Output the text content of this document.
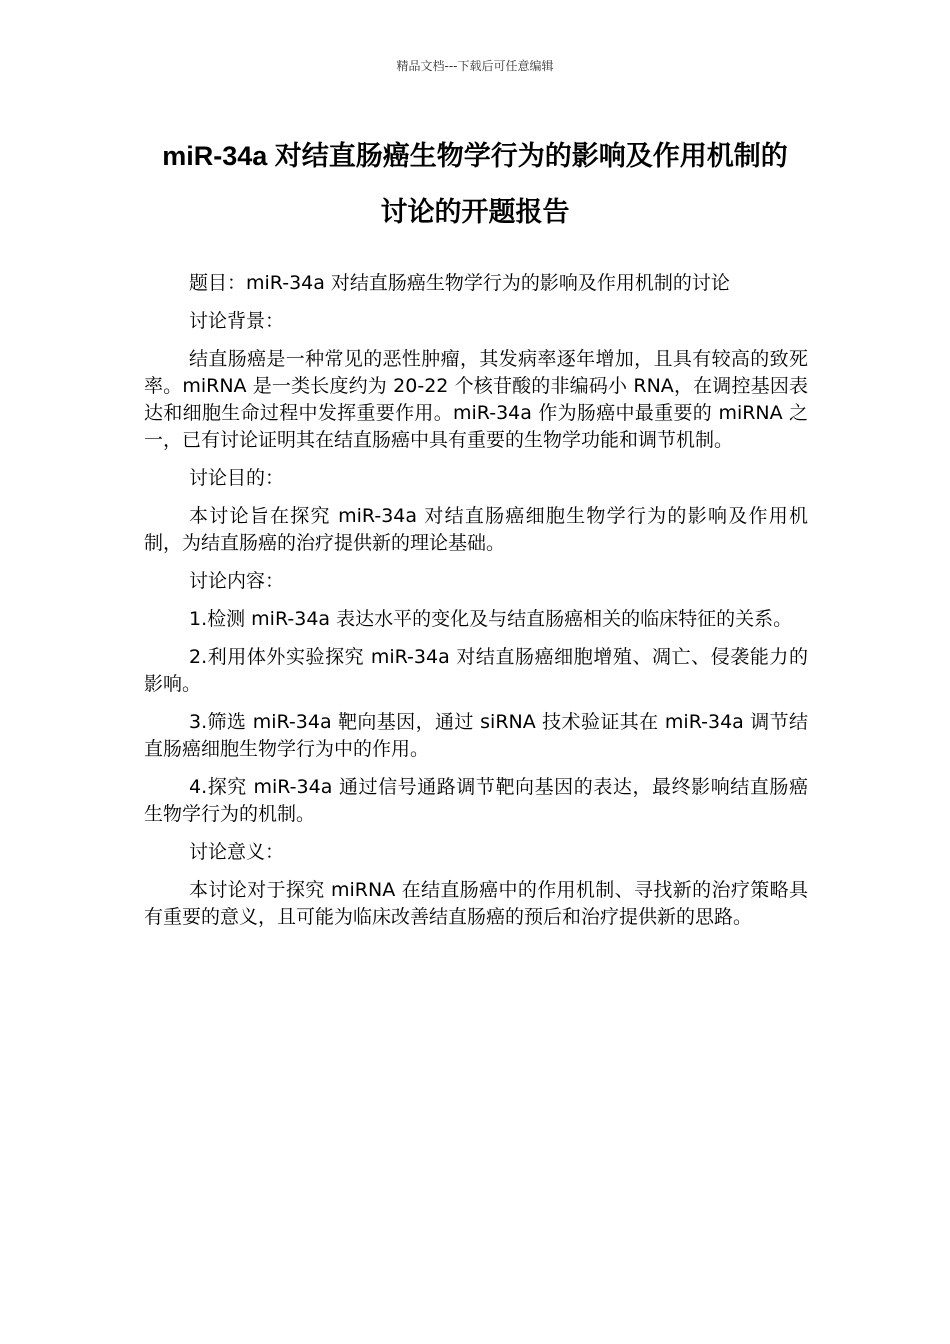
精品文档---下载后可任意编辑
miR-34a 对结直肠癌生物学行为的影响及作用机制的
讨论的开题报告

题目：miR-34a 对结直肠癌生物学行为的影响及作用机制的讨论

讨论背景：

结直肠癌是一种常见的恶性肿瘤，其发病率逐年增加，且具有较高的致死率。miRNA 是一类长度约为 20-22 个核苷酸的非编码小 RNA，在调控基因表达和细胞生命过程中发挥重要作用。miR-34a 作为肠癌中最重要的 miRNA 之一，已有讨论证明其在结直肠癌中具有重要的生物学功能和调节机制。

讨论目的：

本讨论旨在探究 miR-34a 对结直肠癌细胞生物学行为的影响及作用机制，为结直肠癌的治疗提供新的理论基础。

讨论内容：

1.检测 miR-34a 表达水平的变化及与结直肠癌相关的临床特征的关系。

2.利用体外实验探究 miR-34a 对结直肠癌细胞增殖、凋亡、侵袭能力的影响。

3.筛选 miR-34a 靶向基因，通过 siRNA 技术验证其在 miR-34a 调节结直肠癌细胞生物学行为中的作用。

4.探究 miR-34a 通过信号通路调节靶向基因的表达，最终影响结直肠癌生物学行为的机制。

讨论意义：

本讨论对于探究 miRNA 在结直肠癌中的作用机制、寻找新的治疗策略具有重要的意义，且可能为临床改善结直肠癌的预后和治疗提供新的思路。
